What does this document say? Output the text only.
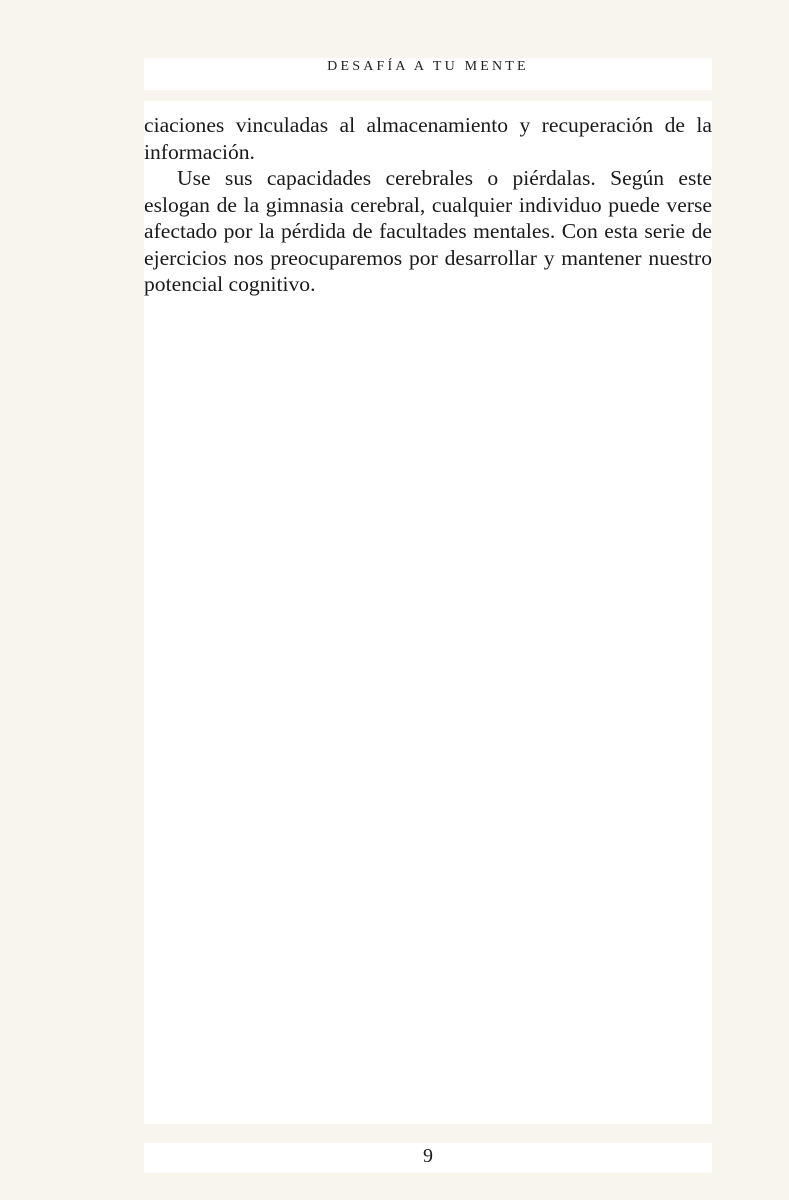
DESAFÍA A TU MENTE

ciaciones vinculadas al almacenamiento y recuperación de la información.

Use sus capacidades cerebrales o piérdalas. Según este eslogan de la gimnasia cerebral, cualquier individuo puede verse afectado por la pérdida de facultades mentales. Con esta serie de ejercicios nos preocuparemos por desarrollar y mantener nuestro potencial cognitivo.

9
